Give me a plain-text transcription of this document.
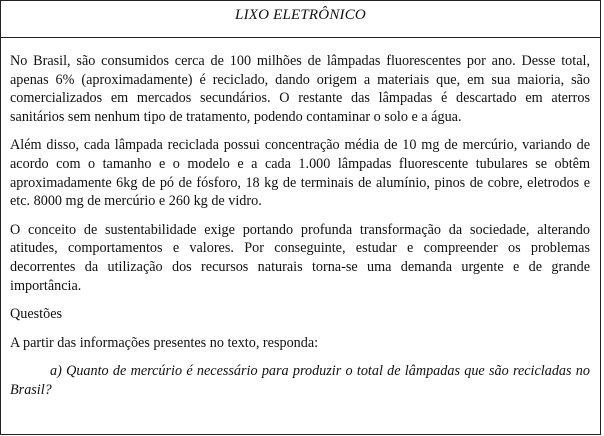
LIXO ELETRÔNICO

No Brasil, são consumidos cerca de 100 milhões de lâmpadas fluorescentes por ano. Desse total, apenas 6% (aproximadamente) é reciclado, dando origem a materiais que, em sua maioria, são comercializados em mercados secundários. O restante das lâmpadas é descartado em aterros sanitários sem nenhum tipo de tratamento, podendo contaminar o solo e a água.

Além disso, cada lâmpada reciclada possui concentração média de 10 mg de mercúrio, variando de acordo com o tamanho e o modelo e a cada 1.000 lâmpadas fluorescente tubulares se obtêm aproximadamente 6kg de pó de fósforo, 18 kg de terminais de alumínio, pinos de cobre, eletrodos e etc. 8000 mg de mercúrio e 260 kg de vidro.

O conceito de sustentabilidade exige portando profunda transformação da sociedade, alterando atitudes, comportamentos e valores. Por conseguinte, estudar e compreender os problemas decorrentes da utilização dos recursos naturais torna-se uma demanda urgente e de grande importância.

Questões

A partir das informações presentes no texto, responda:

a) Quanto de mercúrio é necessário para produzir o total de lâmpadas que são recicladas no Brasil?
